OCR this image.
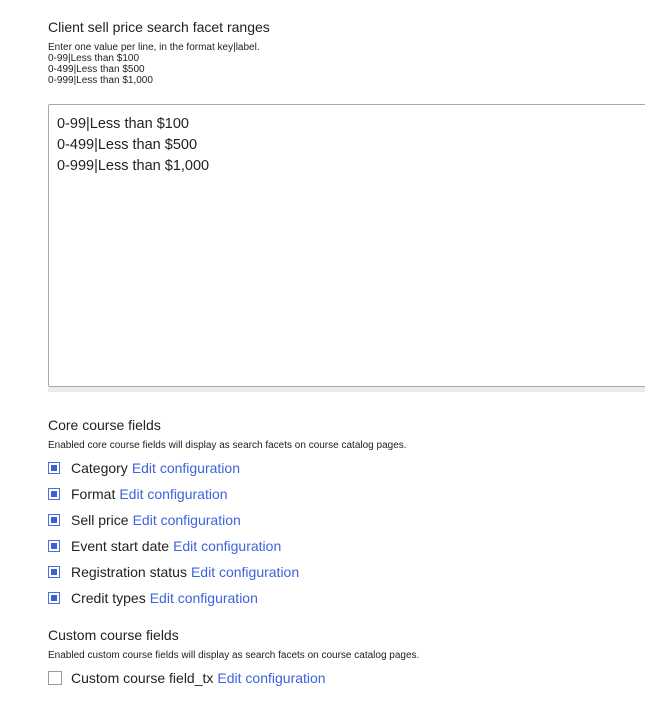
Client sell price search facet ranges
Enter one value per line, in the format key|label.
0-99|Less than $100
0-499|Less than $500
0-999|Less than $1,000
0-99|Less than $100
0-499|Less than $500
0-999|Less than $1,000
Core course fields
Enabled core course fields will display as search facets on course catalog pages.
Category Edit configuration
Format Edit configuration
Sell price Edit configuration
Event start date Edit configuration
Registration status Edit configuration
Credit types Edit configuration
Custom course fields
Enabled custom course fields will display as search facets on course catalog pages.
Custom course field_tx Edit configuration
